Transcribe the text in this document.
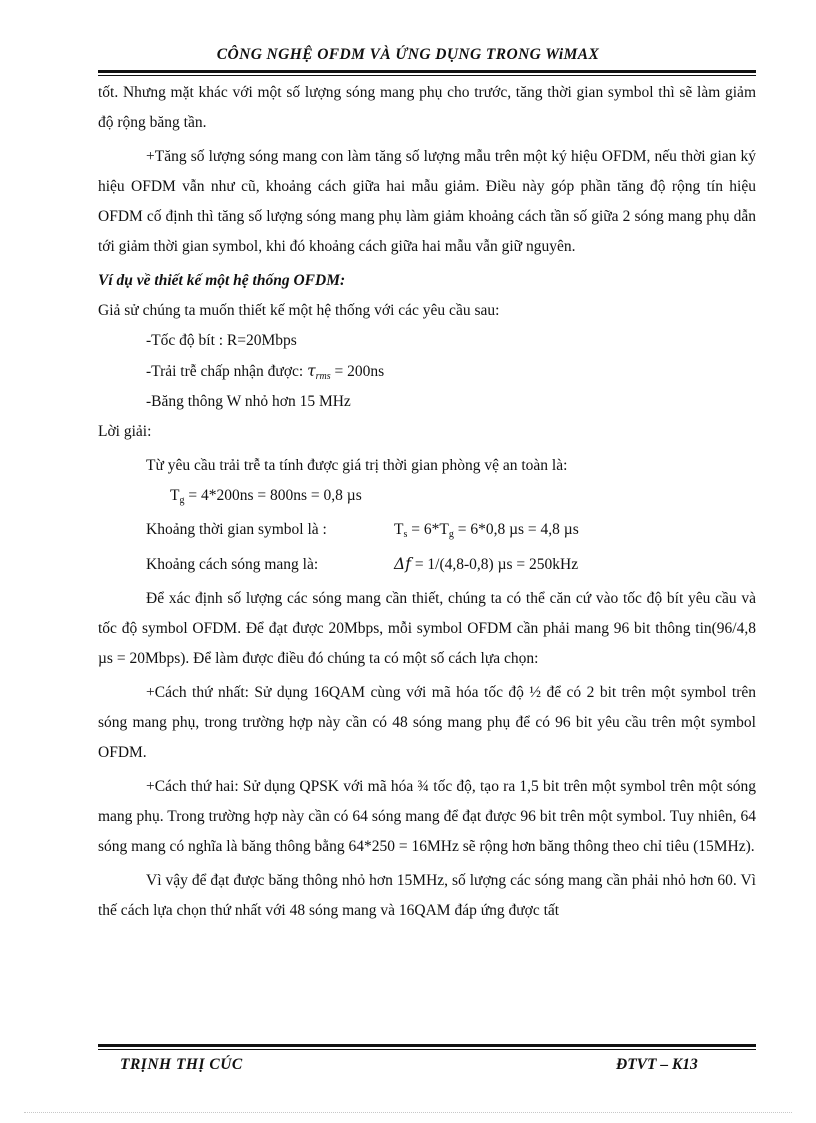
CÔNG NGHỆ OFDM VÀ ỨNG DỤNG TRONG WiMAX

tốt. Nhưng mặt khác với một số lượng sóng mang phụ cho trước, tăng thời gian symbol thì sẽ làm giảm độ rộng băng tần.

+Tăng số lượng sóng mang con làm tăng số lượng mẫu trên một ký hiệu OFDM, nếu thời gian ký hiệu OFDM vẫn như cũ, khoảng cách giữa hai mẫu giảm. Điều này góp phần tăng độ rộng tín hiệu OFDM cố định thì tăng số lượng sóng mang phụ làm giảm khoảng cách tần số giữa 2 sóng mang phụ dẫn tới giảm thời gian symbol, khi đó khoảng cách giữa hai mẫu vẫn giữ nguyên.

Ví dụ về thiết kế một hệ thống OFDM:

Giả sử chúng ta muốn thiết kế một hệ thống với các yêu cầu sau:

-Tốc độ bít : R=20Mbps

-Trải trễ chấp nhận được: $\tau_{rms} = 200ns$

-Băng thông W nhỏ hơn 15 MHz

Lời giải:

Từ yêu cầu trải trễ ta tính được giá trị thời gian phòng vệ an toàn là:

$T_g = 4*200ns = 800ns = 0,8$ µs

Khoảng thời gian symbol là :	$T_s = 6*T_g = 6*0,8$ µs = 4,8 µs

Khoảng cách sóng mang là:	Δf = 1/(4,8-0,8) µs = 250kHz

Để xác định số lượng các sóng mang cần thiết, chúng ta có thể căn cứ vào tốc độ bít yêu cầu và tốc độ symbol OFDM. Để đạt được 20Mbps, mỗi symbol OFDM cần phải mang 96 bit thông tin(96/4,8 µs = 20Mbps). Để làm được điều đó chúng ta có một số cách lựa chọn:

+Cách thứ nhất: Sử dụng 16QAM cùng với mã hóa tốc độ ½ để có 2 bit trên một symbol trên sóng mang phụ, trong trường hợp này cần có 48 sóng mang phụ để có 96 bit yêu cầu trên một symbol OFDM.

+Cách thứ hai: Sử dụng QPSK với mã hóa ¾ tốc độ, tạo ra 1,5 bit trên một symbol trên một sóng mang phụ. Trong trường hợp này cần có 64 sóng mang để đạt được 96 bit trên một symbol. Tuy nhiên, 64 sóng mang có nghĩa là băng thông bằng 64*250 = 16MHz sẽ rộng hơn băng thông theo chỉ tiêu (15MHz).

Vì vậy để đạt được băng thông nhỏ hơn 15MHz, số lượng các sóng mang cần phải nhỏ hơn 60. Vì thế cách lựa chọn thứ nhất với 48 sóng mang và 16QAM đáp ứng được tất

TRỊNH THỊ CÚC	ĐTVT – K13
